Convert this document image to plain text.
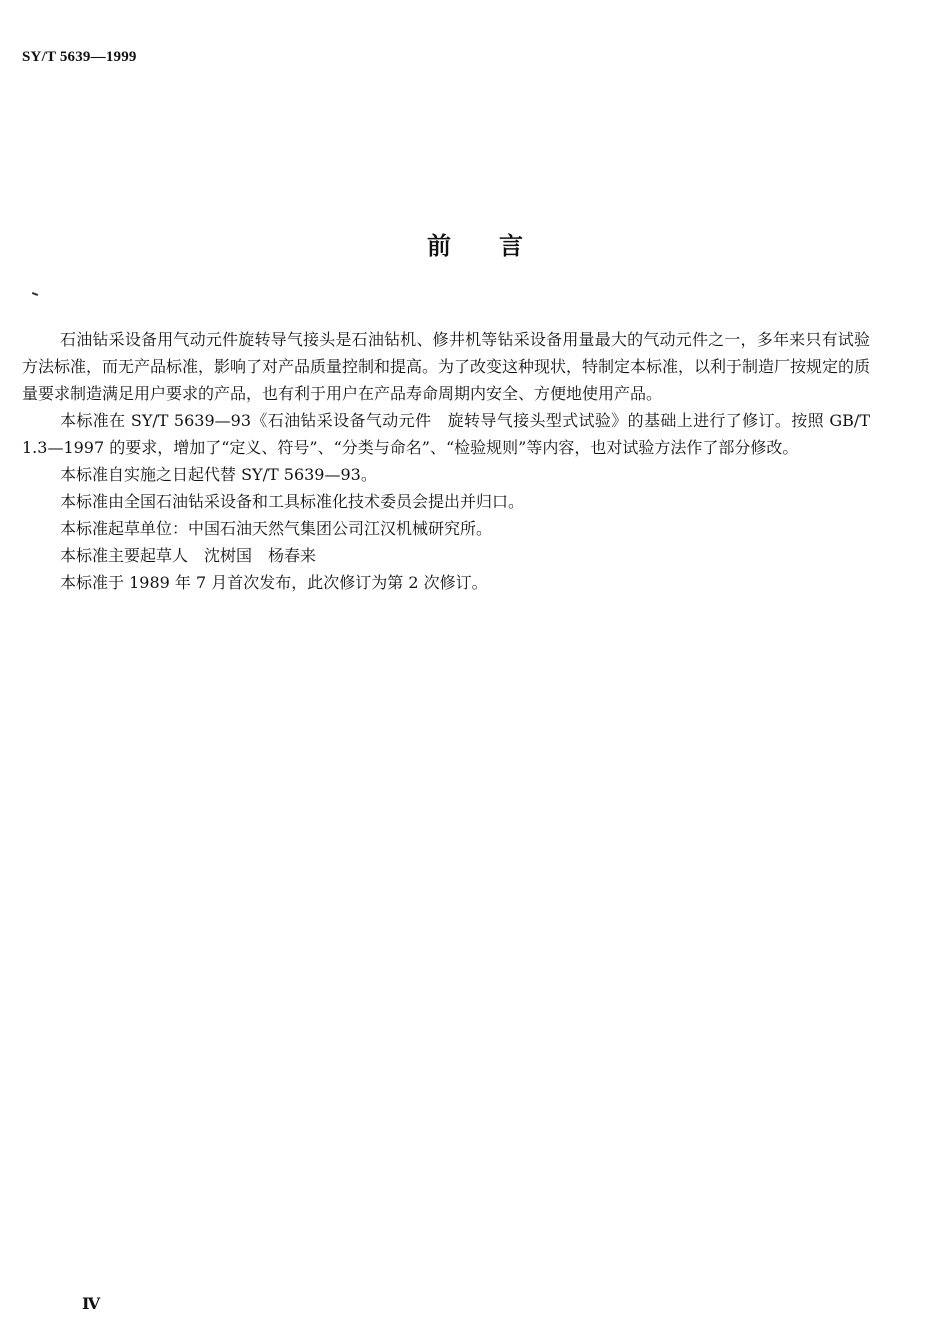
SY/T 5639—1999
前言

石油钻采设备用气动元件旋转导气接头是石油钻机、修井机等钻采设备用量最大的气动元件之一，多年来只有试验方法标准，而无产品标准，影响了对产品质量控制和提高。为了改变这种现状，特制定本标准，以利于制造厂按规定的质量要求制造满足用户要求的产品，也有利于用户在产品寿命周期内安全、方便地使用产品。

本标准在 SY/T 5639—93《石油钻采设备气动元件　旋转导气接头型式试验》的基础上进行了修订。按照 GB/T 1.3—1997 的要求，增加了“定义、符号”、“分类与命名”、“检验规则”等内容，也对试验方法作了部分修改。

本标准自实施之日起代替 SY/T 5639—93。

本标准由全国石油钻采设备和工具标准化技术委员会提出并归口。

本标准起草单位：中国石油天然气集团公司江汉机械研究所。

本标准主要起草人　沈树国　杨春来

本标准于 1989 年 7 月首次发布，此次修订为第 2 次修订。

Ⅳ
